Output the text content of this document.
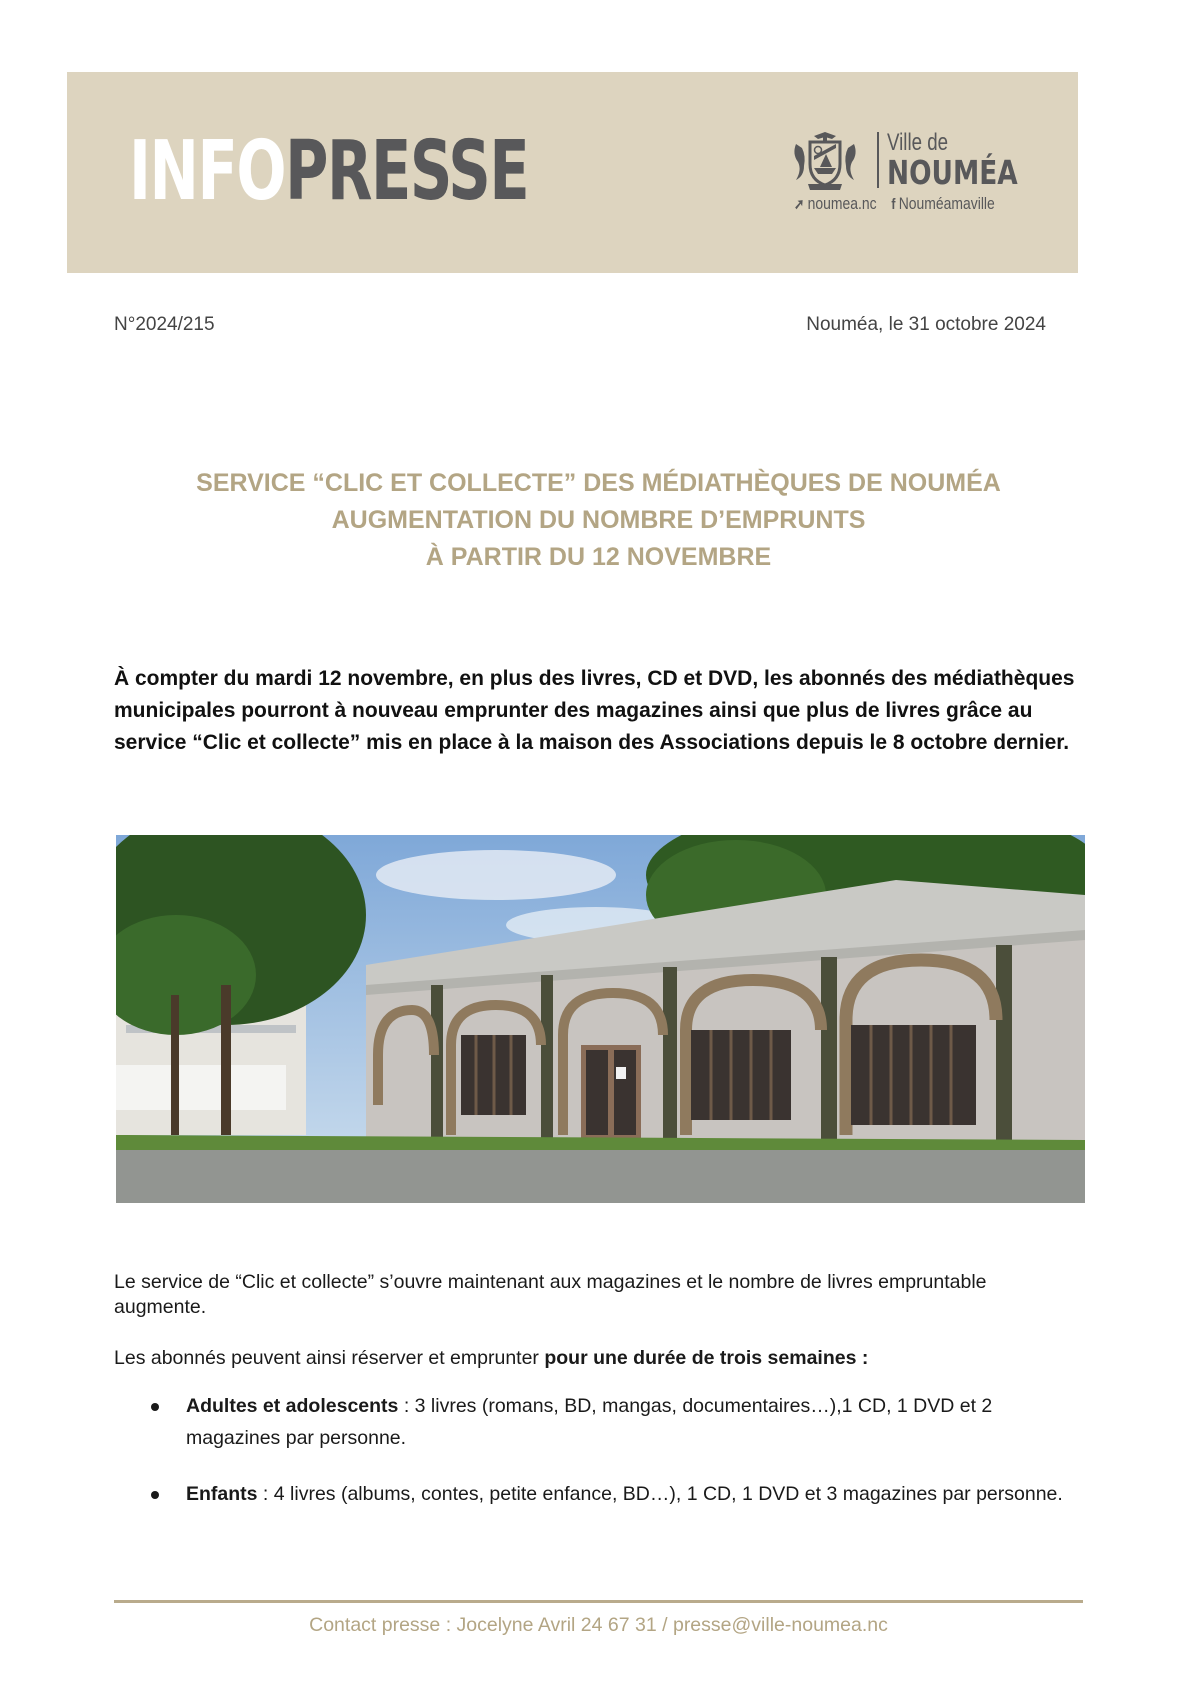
INFOPRESSE	Ville de
NOUMÉA
➚ noumea.nc f Nouméamaville
N°2024/215	Nouméa, le 31 octobre 2024
SERVICE “CLIC ET COLLECTE” DES MÉDIATHÈQUES DE NOUMÉA
AUGMENTATION DU NOMBRE D’EMPRUNTS
À PARTIR DU 12 NOVEMBRE

À compter du mardi 12 novembre, en plus des livres, CD et DVD, les abonnés des médiathèques municipales pourront à nouveau emprunter des magazines ainsi que plus de livres grâce au service “Clic et collecte” mis en place à la maison des Associations depuis le 8 octobre dernier.

Le service de “Clic et collecte” s’ouvre maintenant aux magazines et le nombre de livres empruntable augmente.

Les abonnés peuvent ainsi réserver et emprunter pour une durée de trois semaines :

Adultes et adolescents : 3 livres (romans, BD, mangas, documentaires…),1 CD, 1 DVD et 2 magazines par personne.
Enfants : 4 livres (albums, contes, petite enfance, BD…), 1 CD, 1 DVD et 3 magazines par personne.
Contact presse : Jocelyne Avril 24 67 31 / presse@ville-noumea.nc
